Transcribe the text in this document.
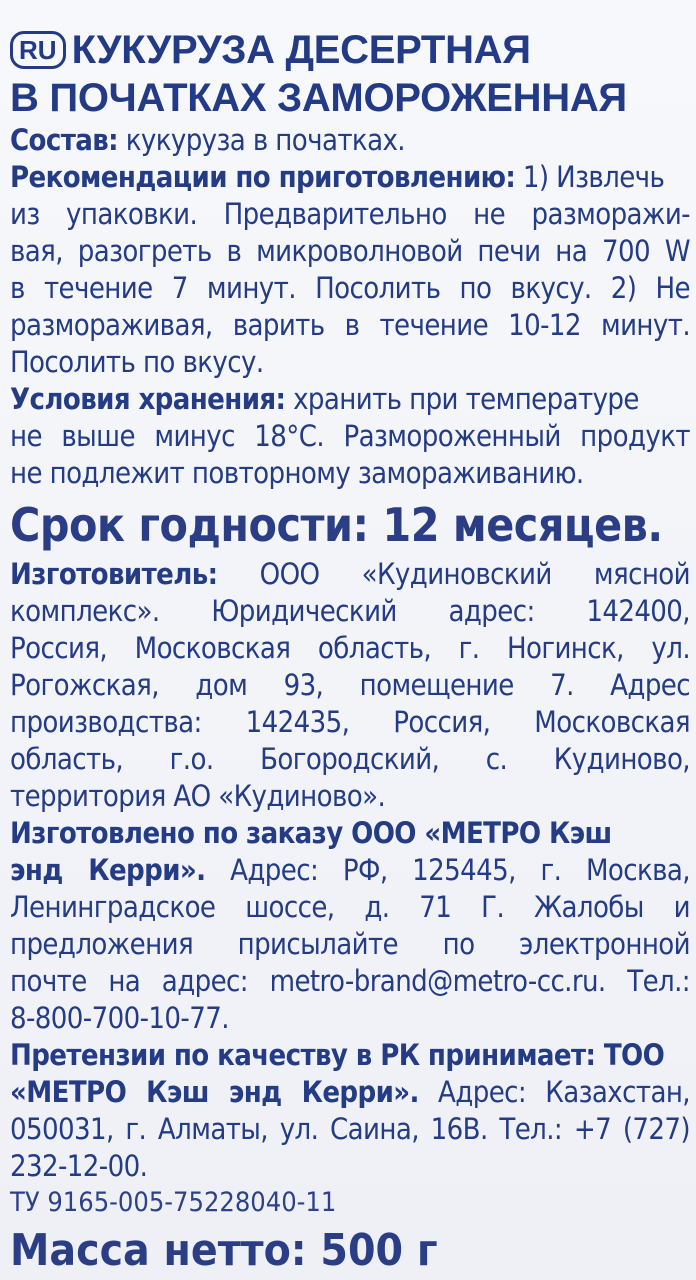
RU КУКУРУЗА ДЕСЕРТНАЯ
В ПОЧАТКАХ ЗАМОРОЖЕННАЯ
Состав: кукуруза в початках.
Рекомендации по приготовлению: 1) Извлечь
из упаковки. Предварительно не разморажи-
вая, разогреть в микроволновой печи на 700 W
в течение 7 минут. Посолить по вкусу. 2) Не
размораживая, варить в течение 10-12 минут.
Посолить по вкусу.
Условия хранения: хранить при температуре
не выше минус 18°C. Размороженный продукт
не подлежит повторному замораживанию.
Срок годности: 12 месяцев.
Изготовитель: ООО «Кудиновский мясной
комплекс». Юридический адрес: 142400,
Россия, Московская область, г. Ногинск, ул.
Рогожская, дом 93, помещение 7. Адрес
производства: 142435, Россия, Московская
область, г.о. Богородский, с. Кудиново,
территория АО «Кудиново».
Изготовлено по заказу ООО «МЕТРО Кэш
энд Керри». Адрес: РФ, 125445, г. Москва,
Ленинградское шоссе, д. 71 Г. Жалобы и
предложения присылайте по электронной
почте на адрес: metro-brand@metro-cc.ru. Тел.:
8-800-700-10-77.
Претензии по качеству в РК принимает: ТОО
«МЕТРО Кэш энд Керри». Адрес: Казахстан,
050031, г. Алматы, ул. Саина, 16В. Тел.: +7 (727)
232-12-00.
ТУ 9165-005-75228040-11
Масса нетто: 500 г
